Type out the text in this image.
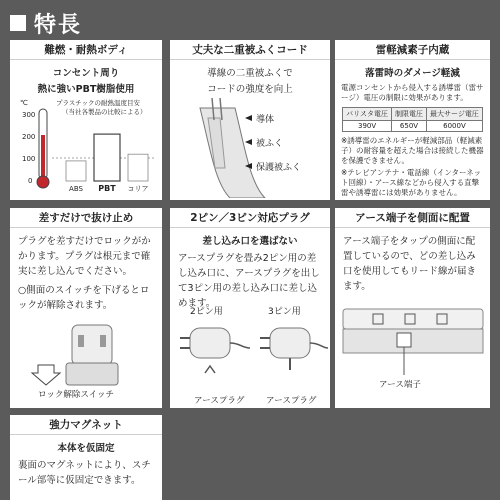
特長
難燃・耐熱ボディ
コンセント周り
熱に強いPBT樹脂使用
℃	プラスチックの耐熱温度目安
（当社各製品の比較による）
300
200
100
0
ABS PBT コリア
丈夫な二重被ふくコード
導線の二重被ふくで
コードの強度を向上
導体
被ふく
保護被ふく
雷軽減素子内蔵
落雷時のダメージ軽減
電源コンセントから侵入する誘導雷（雷サージ）電圧の制限に効果があります。
バリスタ電圧	制限電圧	最大サージ電圧
390V	650V	6000V
※誘導雷のエネルギーが軽減部品（軽減素子）の耐容量を超えた場合は接続した機器を保護できません。
※テレビアンテナ・電話線（インターネット回線）・アース線などから侵入する直撃雷や誘導雷には効果がありません。
差すだけで抜け止め
プラグを差すだけでロックがかかります。プラグは根元まで確実に差し込んでください。
○側面のスイッチを下げるとロックが解除されます。
ロック解除スイッチ
2ピン／3ピン対応プラグ
差し込み口を選ばない
アースプラグを畳み2ピン用の差し込み口に、アースプラグを出して3ピン用の差し込み口に差し込めます。
2ピン用	3ピン用
アースプラグ	アースプラグ
アース端子を側面に配置
アース端子をタップの側面に配置しているので、どの差し込み口を使用してもリード線が届きます。
アース端子
強力マグネット
本体を仮固定
裏面のマグネットにより、スチール部等に仮固定できます。
